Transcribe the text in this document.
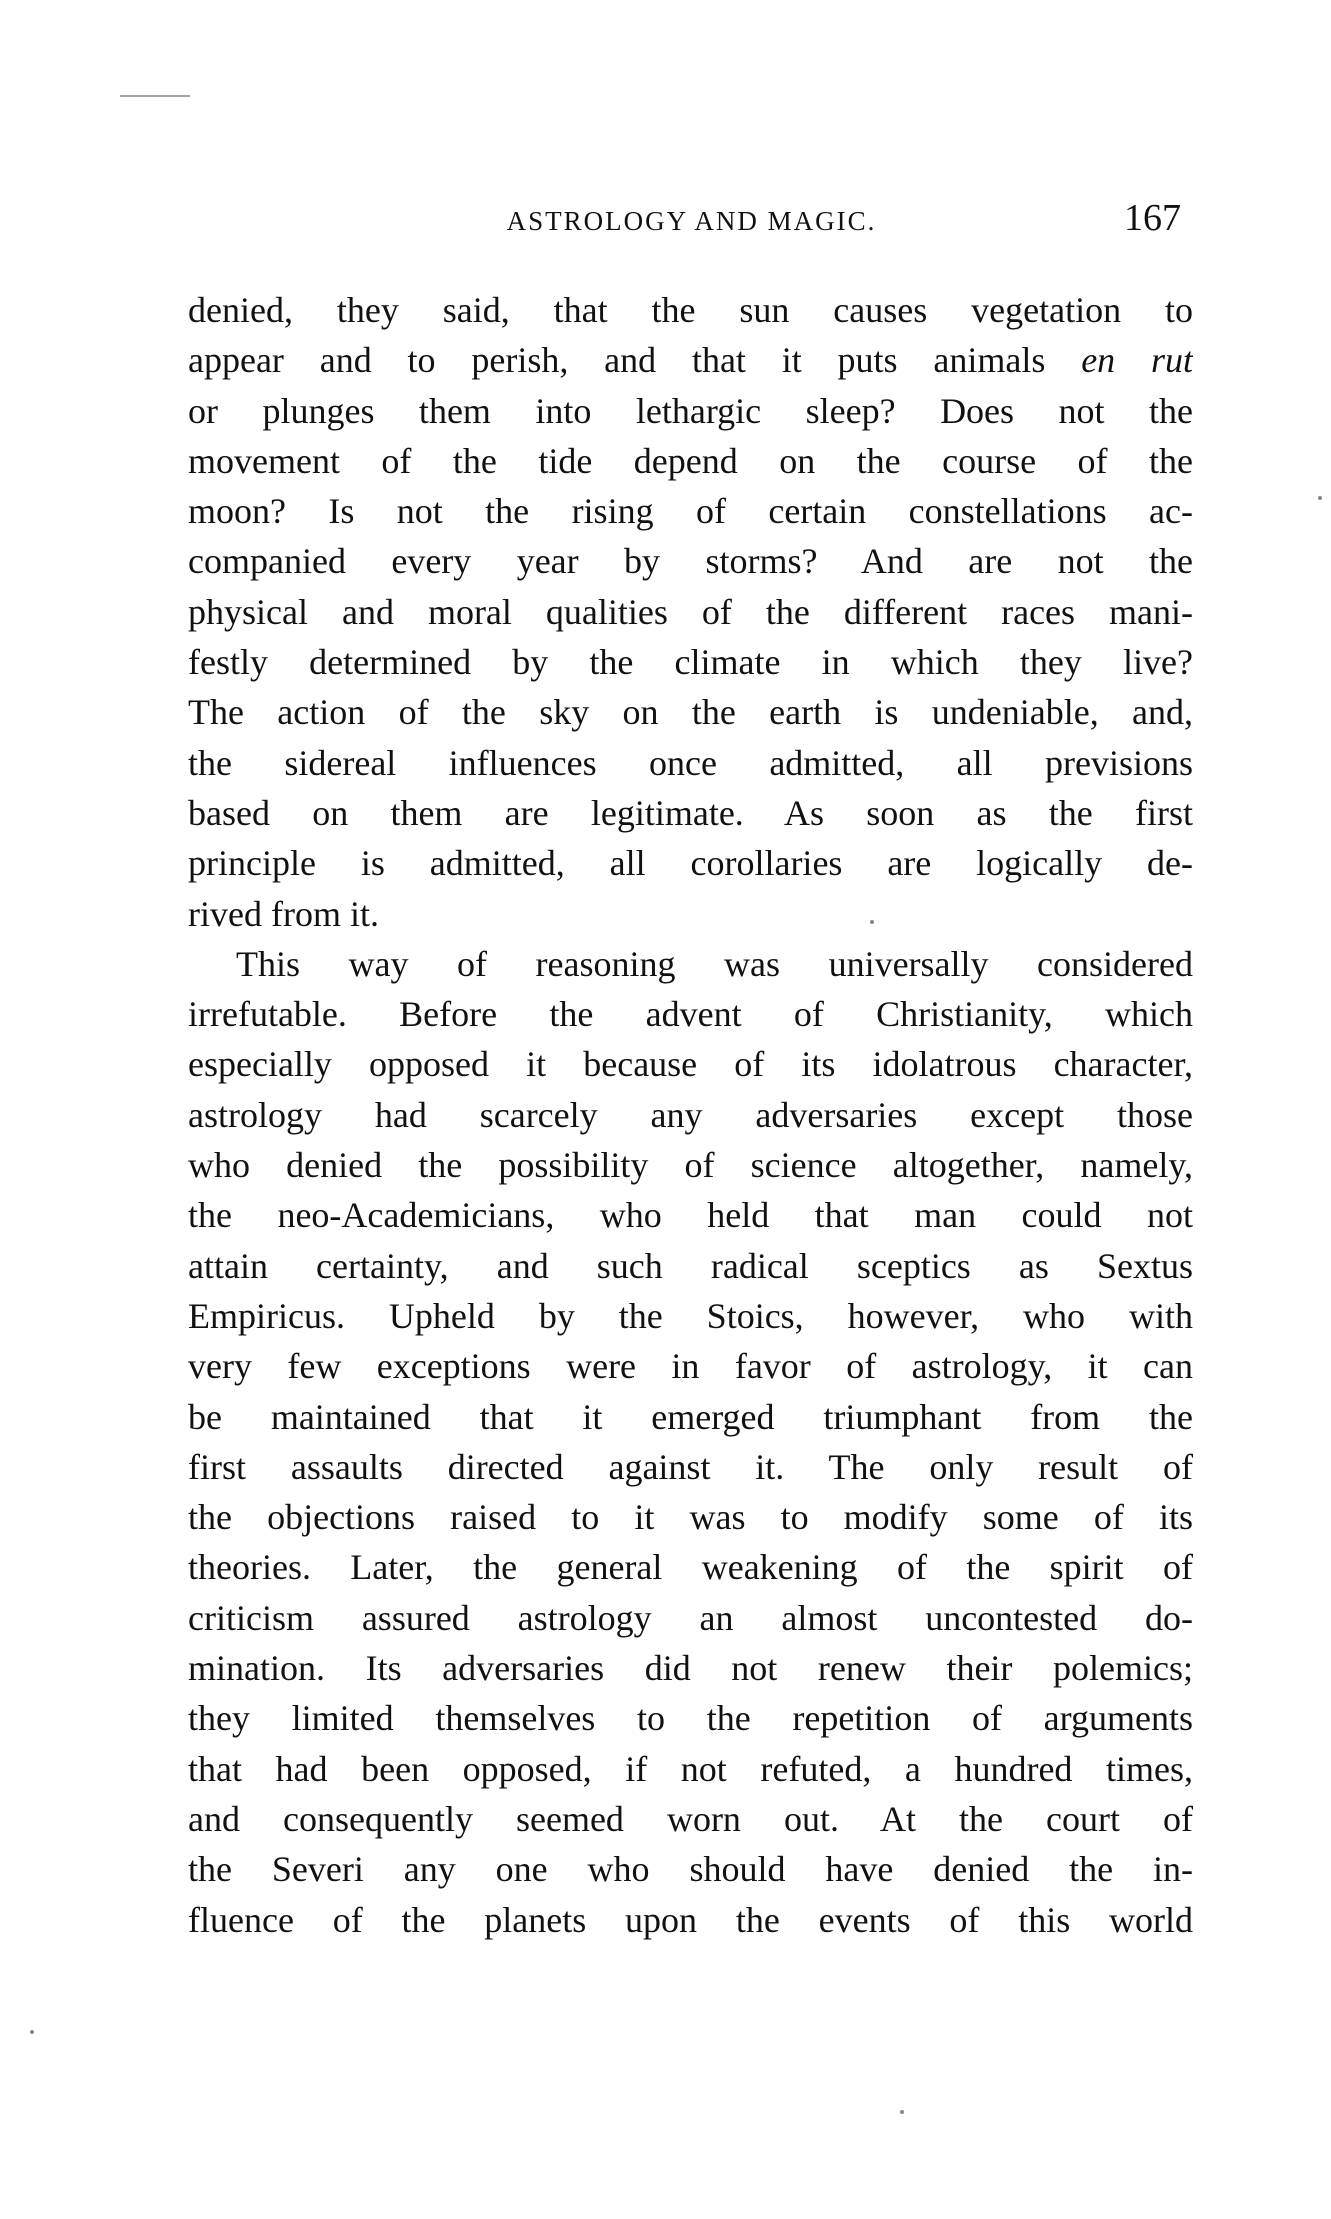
ASTROLOGY AND MAGIC.	167
denied, they said, that the sun causes vegetation to
appear and to perish, and that it puts animals en rut
or plunges them into lethargic sleep? Does not the
movement of the tide depend on the course of the
moon? Is not the rising of certain constellations ac-
companied every year by storms? And are not the
physical and moral qualities of the different races mani-
festly determined by the climate in which they live?
The action of the sky on the earth is undeniable, and,
the sidereal influences once admitted, all previsions
based on them are legitimate. As soon as the first
principle is admitted, all corollaries are logically de-
rived from it.
This way of reasoning was universally considered
irrefutable. Before the advent of Christianity, which
especially opposed it because of its idolatrous character,
astrology had scarcely any adversaries except those
who denied the possibility of science altogether, namely,
the neo-Academicians, who held that man could not
attain certainty, and such radical sceptics as Sextus
Empiricus. Upheld by the Stoics, however, who with
very few exceptions were in favor of astrology, it can
be maintained that it emerged triumphant from the
first assaults directed against it. The only result of
the objections raised to it was to modify some of its
theories. Later, the general weakening of the spirit of
criticism assured astrology an almost uncontested do-
mination. Its adversaries did not renew their polemics;
they limited themselves to the repetition of arguments
that had been opposed, if not refuted, a hundred times,
and consequently seemed worn out. At the court of
the Severi any one who should have denied the in-
fluence of the planets upon the events of this world
